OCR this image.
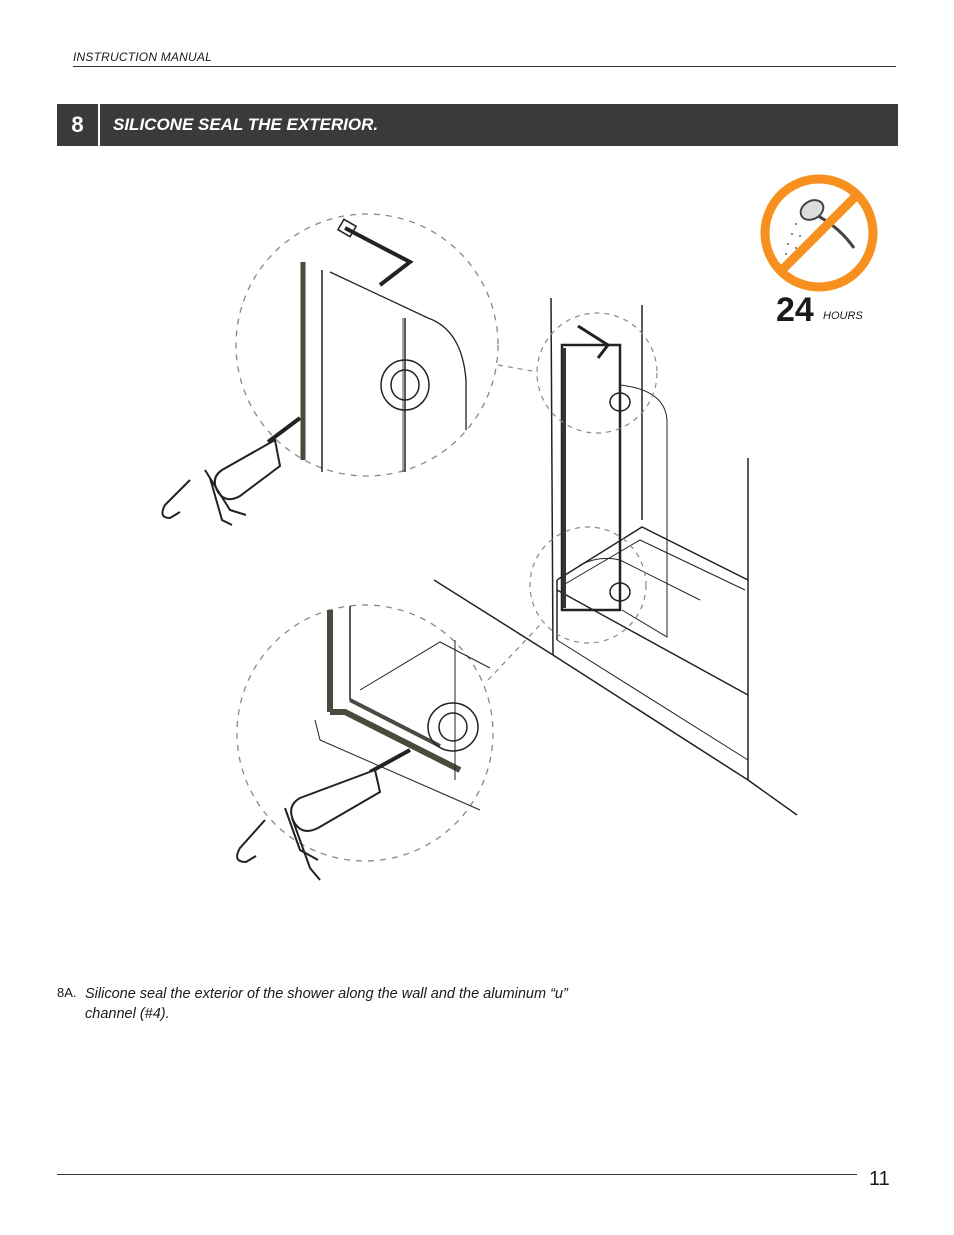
INSTRUCTION MANUAL
8	SILICONE SEAL THE EXTERIOR.
24 HOURS
8A. Silicone seal the exterior of the shower along the wall and the aluminum “u” channel (#4).
11
